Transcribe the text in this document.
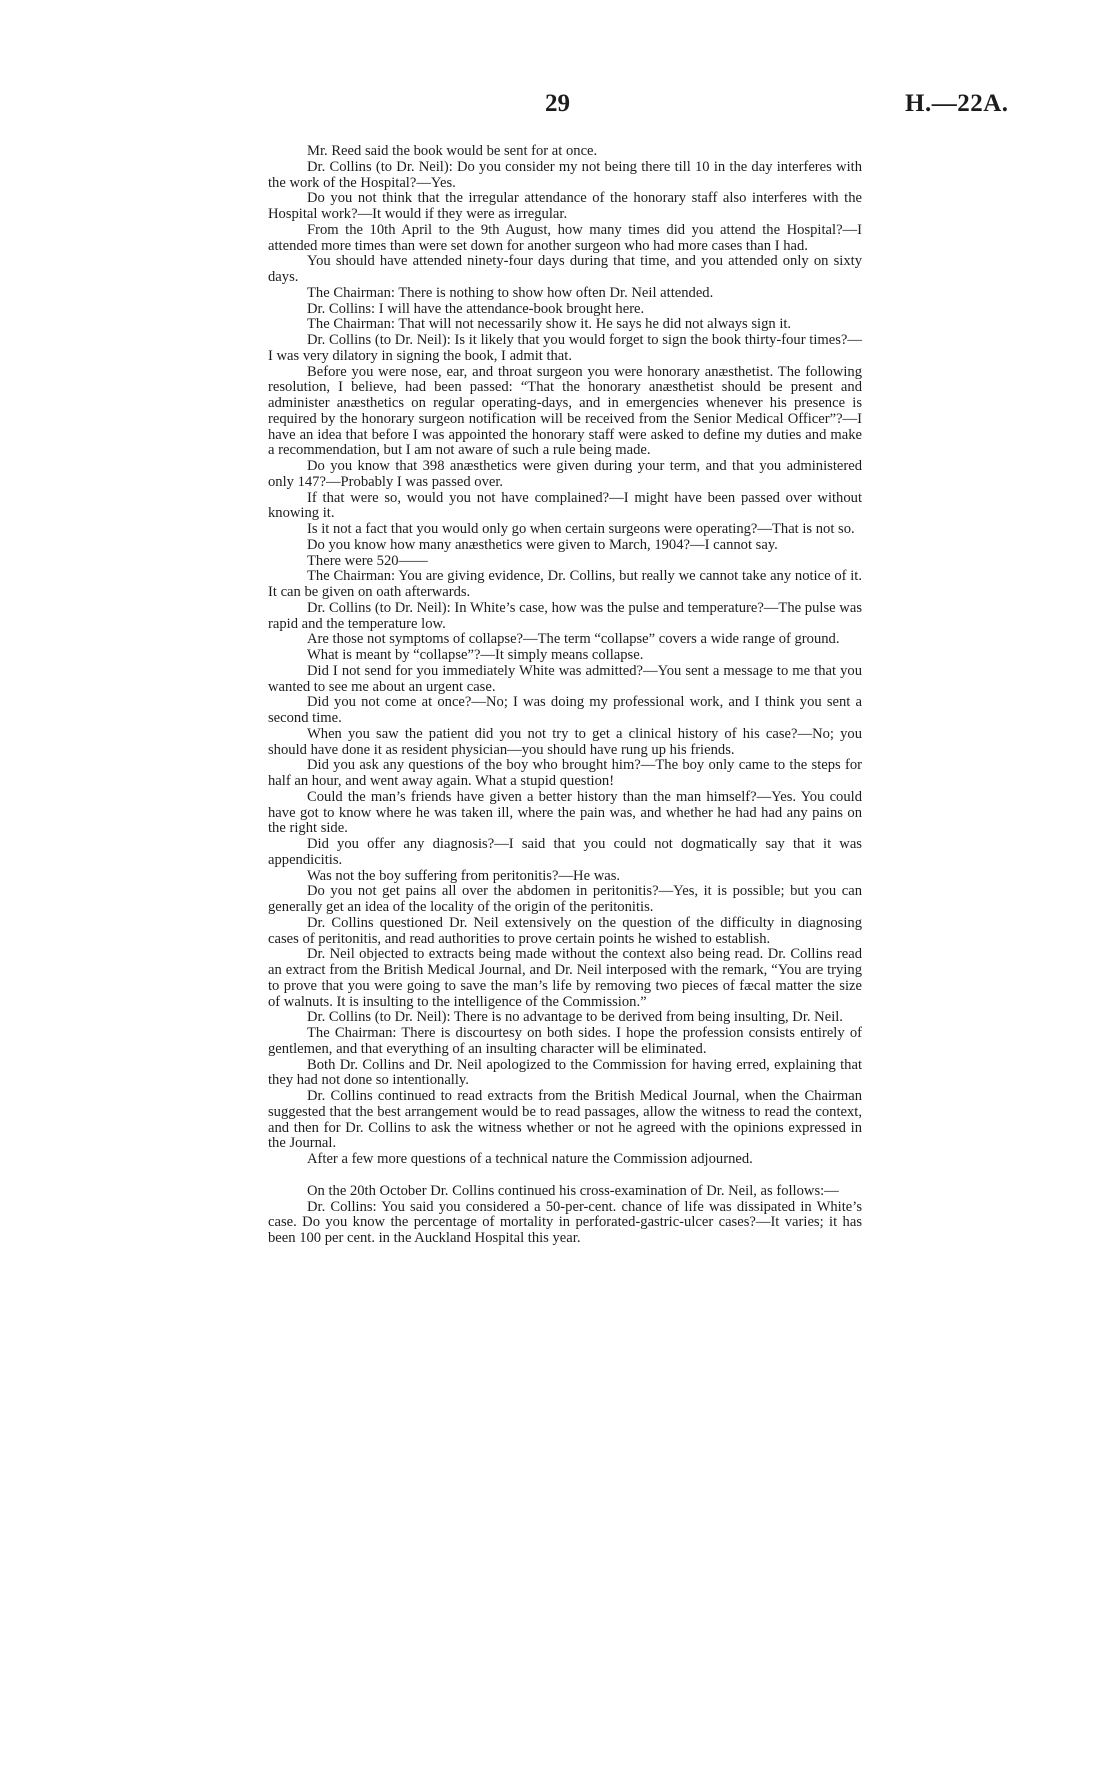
29	H.—22A.

Mr. Reed said the book would be sent for at once.

Dr. Collins (to Dr. Neil): Do you consider my not being there till 10 in the day interferes with the work of the Hospital?—Yes.

Do you not think that the irregular attendance of the honorary staff also interferes with the Hospital work?—It would if they were as irregular.

From the 10th April to the 9th August, how many times did you attend the Hospital?—I attended more times than were set down for another surgeon who had more cases than I had.

You should have attended ninety-four days during that time, and you attended only on sixty days.

The Chairman: There is nothing to show how often Dr. Neil attended.

Dr. Collins: I will have the attendance-book brought here.

The Chairman: That will not necessarily show it. He says he did not always sign it.

Dr. Collins (to Dr. Neil): Is it likely that you would forget to sign the book thirty-four times?—I was very dilatory in signing the book, I admit that.

Before you were nose, ear, and throat surgeon you were honorary anæsthetist. The following resolution, I believe, had been passed: “That the honorary anæsthetist should be present and administer anæsthetics on regular operating-days, and in emergencies whenever his presence is required by the honorary surgeon notification will be received from the Senior Medical Officer”?—I have an idea that before I was appointed the honorary staff were asked to define my duties and make a recommendation, but I am not aware of such a rule being made.

Do you know that 398 anæsthetics were given during your term, and that you administered only 147?—Probably I was passed over.

If that were so, would you not have complained?—I might have been passed over without knowing it.

Is it not a fact that you would only go when certain surgeons were operating?—That is not so.

Do you know how many anæsthetics were given to March, 1904?—I cannot say.

There were 520——

The Chairman: You are giving evidence, Dr. Collins, but really we cannot take any notice of it. It can be given on oath afterwards.

Dr. Collins (to Dr. Neil): In White’s case, how was the pulse and temperature?—The pulse was rapid and the temperature low.

Are those not symptoms of collapse?—The term “collapse” covers a wide range of ground.

What is meant by “collapse”?—It simply means collapse.

Did I not send for you immediately White was admitted?—You sent a message to me that you wanted to see me about an urgent case.

Did you not come at once?—No; I was doing my professional work, and I think you sent a second time.

When you saw the patient did you not try to get a clinical history of his case?—No; you should have done it as resident physician—you should have rung up his friends.

Did you ask any questions of the boy who brought him?—The boy only came to the steps for half an hour, and went away again. What a stupid question!

Could the man’s friends have given a better history than the man himself?—Yes. You could have got to know where he was taken ill, where the pain was, and whether he had had any pains on the right side.

Did you offer any diagnosis?—I said that you could not dogmatically say that it was appendicitis.

Was not the boy suffering from peritonitis?—He was.

Do you not get pains all over the abdomen in peritonitis?—Yes, it is possible; but you can generally get an idea of the locality of the origin of the peritonitis.

Dr. Collins questioned Dr. Neil extensively on the question of the difficulty in diagnosing cases of peritonitis, and read authorities to prove certain points he wished to establish.

Dr. Neil objected to extracts being made without the context also being read. Dr. Collins read an extract from the British Medical Journal, and Dr. Neil interposed with the remark, “You are trying to prove that you were going to save the man’s life by removing two pieces of fæcal matter the size of walnuts. It is insulting to the intelligence of the Commission.”

Dr. Collins (to Dr. Neil): There is no advantage to be derived from being insulting, Dr. Neil.

The Chairman: There is discourtesy on both sides. I hope the profession consists entirely of gentlemen, and that everything of an insulting character will be eliminated.

Both Dr. Collins and Dr. Neil apologized to the Commission for having erred, explaining that they had not done so intentionally.

Dr. Collins continued to read extracts from the British Medical Journal, when the Chairman suggested that the best arrangement would be to read passages, allow the witness to read the context, and then for Dr. Collins to ask the witness whether or not he agreed with the opinions expressed in the Journal.

After a few more questions of a technical nature the Commission adjourned.

On the 20th October Dr. Collins continued his cross-examination of Dr. Neil, as follows:—

Dr. Collins: You said you considered a 50-per-cent. chance of life was dissipated in White’s case. Do you know the percentage of mortality in perforated-gastric-ulcer cases?—It varies; it has been 100 per cent. in the Auckland Hospital this year.
